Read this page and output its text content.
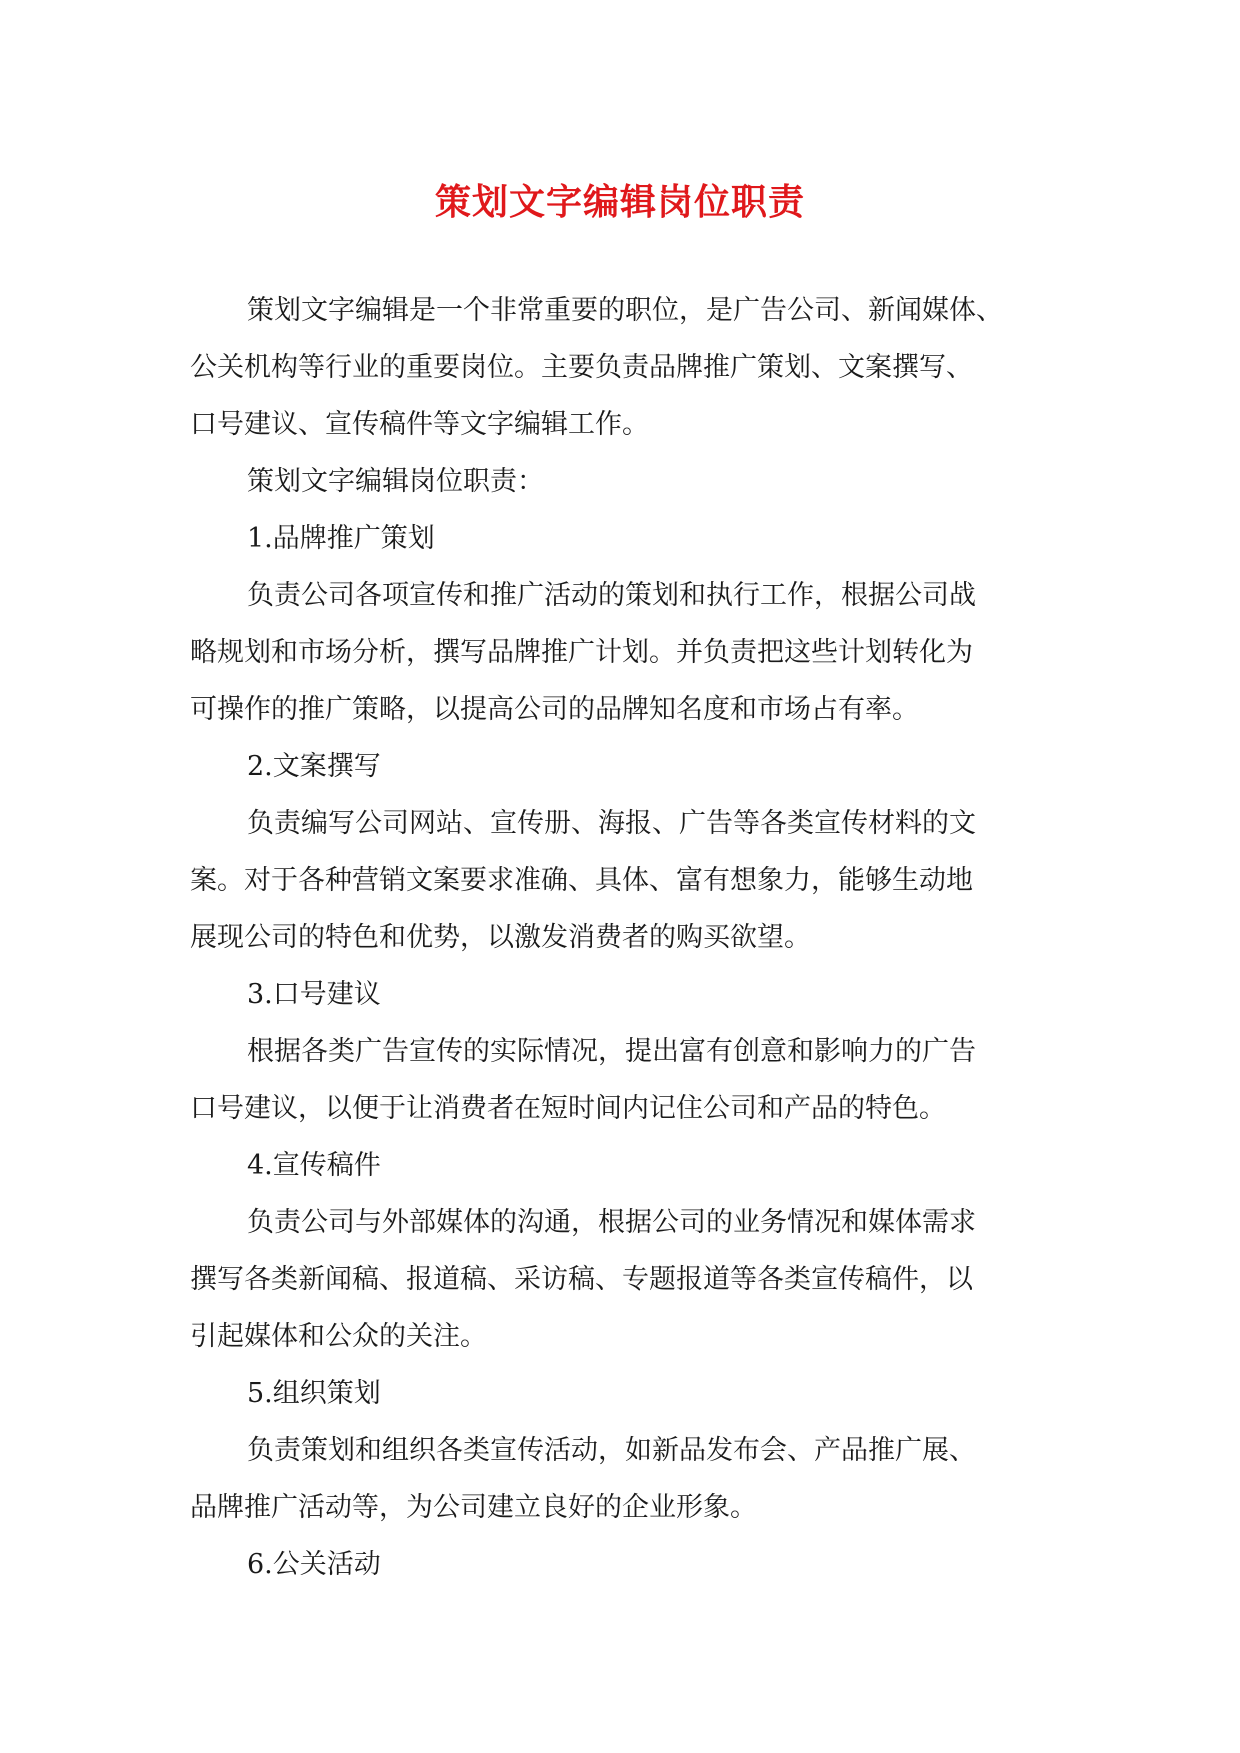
策划文字编辑岗位职责

策划文字编辑是一个非常重要的职位，是广告公司、新闻媒体、

公关机构等行业的重要岗位。主要负责品牌推广策划、文案撰写、

口号建议、宣传稿件等文字编辑工作。

策划文字编辑岗位职责：

1.品牌推广策划

负责公司各项宣传和推广活动的策划和执行工作，根据公司战

略规划和市场分析，撰写品牌推广计划。并负责把这些计划转化为

可操作的推广策略，以提高公司的品牌知名度和市场占有率。

2.文案撰写

负责编写公司网站、宣传册、海报、广告等各类宣传材料的文

案。对于各种营销文案要求准确、具体、富有想象力，能够生动地

展现公司的特色和优势，以激发消费者的购买欲望。

3.口号建议

根据各类广告宣传的实际情况，提出富有创意和影响力的广告

口号建议，以便于让消费者在短时间内记住公司和产品的特色。

4.宣传稿件

负责公司与外部媒体的沟通，根据公司的业务情况和媒体需求

撰写各类新闻稿、报道稿、采访稿、专题报道等各类宣传稿件，以

引起媒体和公众的关注。

5.组织策划

负责策划和组织各类宣传活动，如新品发布会、产品推广展、

品牌推广活动等，为公司建立良好的企业形象。

6.公关活动
